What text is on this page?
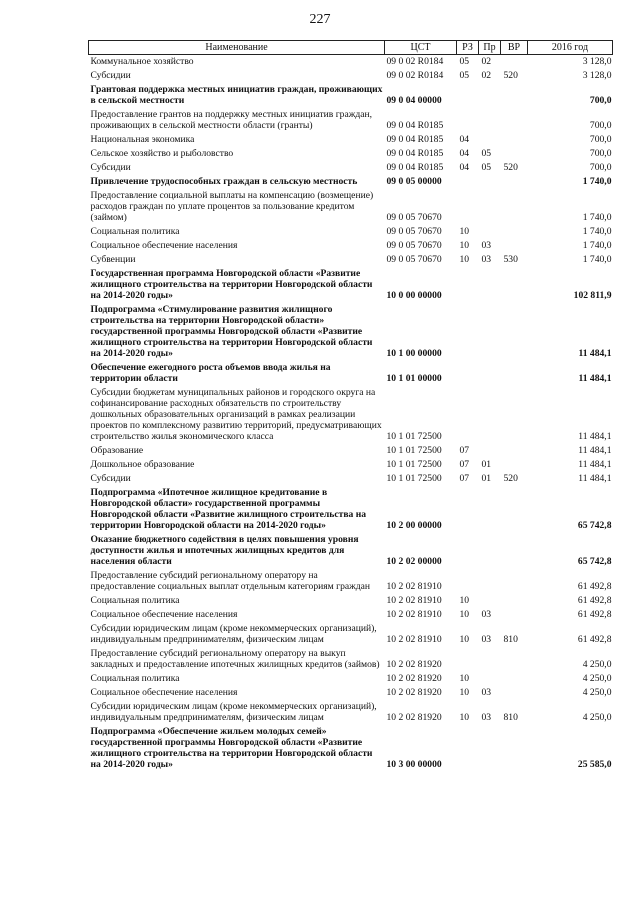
227
Наименование	ЦСТ	РЗ	Пр	ВР	2016 год
Коммунальное хозяйство	09 0 02 R0184	05	02		3 128,0
Субсидии	09 0 02 R0184	05	02	520	3 128,0
Грантовая поддержка местных инициатив граждан, проживающих в сельской местности	09 0 04 00000				700,0
Предоставление грантов на поддержку местных инициатив граждан, проживающих в сельской местности области (гранты)	09 0 04 R0185				700,0
Национальная экономика	09 0 04 R0185	04			700,0
Сельское хозяйство и рыболовство	09 0 04 R0185	04	05		700,0
Субсидии	09 0 04 R0185	04	05	520	700,0
Привлечение трудоспособных граждан в сельскую местность	09 0 05 00000				1 740,0
Предоставление социальной выплаты на компенсацию (возмещение) расходов граждан по уплате процентов за пользование кредитом (займом)	09 0 05 70670				1 740,0
Социальная политика	09 0 05 70670	10			1 740,0
Социальное обеспечение населения	09 0 05 70670	10	03		1 740,0
Субвенции	09 0 05 70670	10	03	530	1 740,0
Государственная программа Новгородской области «Развитие жилищного строительства на территории Новгородской области на 2014-2020 годы»	10 0 00 00000				102 811,9
Подпрограмма «Стимулирование развития жилищного строительства на территории Новгородской области» государственной программы Новгородской области «Развитие жилищного строительства на территории Новгородской области на 2014-2020 годы»	10 1 00 00000				11 484,1
Обеспечение ежегодного роста объемов ввода жилья на территории области	10 1 01 00000				11 484,1
Субсидии бюджетам муниципальных районов и городского округа на софинансирование расходных обязательств по строительству дошкольных образовательных организаций в рамках реализации проектов по комплексному развитию территорий, предусматривающих строительство жилья экономического класса	10 1 01 72500				11 484,1
Образование	10 1 01 72500	07			11 484,1
Дошкольное образование	10 1 01 72500	07	01		11 484,1
Субсидии	10 1 01 72500	07	01	520	11 484,1
Подпрограмма «Ипотечное жилищное кредитование в Новгородской области» государственной программы Новгородской области «Развитие жилищного строительства на территории Новгородской области на 2014-2020 годы»	10 2 00 00000				65 742,8
Оказание бюджетного содействия в целях повышения уровня доступности жилья и ипотечных жилищных кредитов для населения области	10 2 02 00000				65 742,8
Предоставление субсидий региональному оператору на предоставление социальных выплат отдельным категориям граждан	10 2 02 81910				61 492,8
Социальная политика	10 2 02 81910	10			61 492,8
Социальное обеспечение населения	10 2 02 81910	10	03		61 492,8
Субсидии юридическим лицам (кроме некоммерческих организаций), индивидуальным предпринимателям, физическим лицам	10 2 02 81910	10	03	810	61 492,8
Предоставление субсидий региональному оператору на выкуп закладных и предоставление ипотечных жилищных кредитов (займов)	10 2 02 81920				4 250,0
Социальная политика	10 2 02 81920	10			4 250,0
Социальное обеспечение населения	10 2 02 81920	10	03		4 250,0
Субсидии юридическим лицам (кроме некоммерческих организаций), индивидуальным предпринимателям, физическим лицам	10 2 02 81920	10	03	810	4 250,0
Подпрограмма «Обеспечение жильем молодых семей» государственной программы Новгородской области «Развитие жилищного строительства на территории Новгородской области на 2014-2020 годы»	10 3 00 00000				25 585,0
